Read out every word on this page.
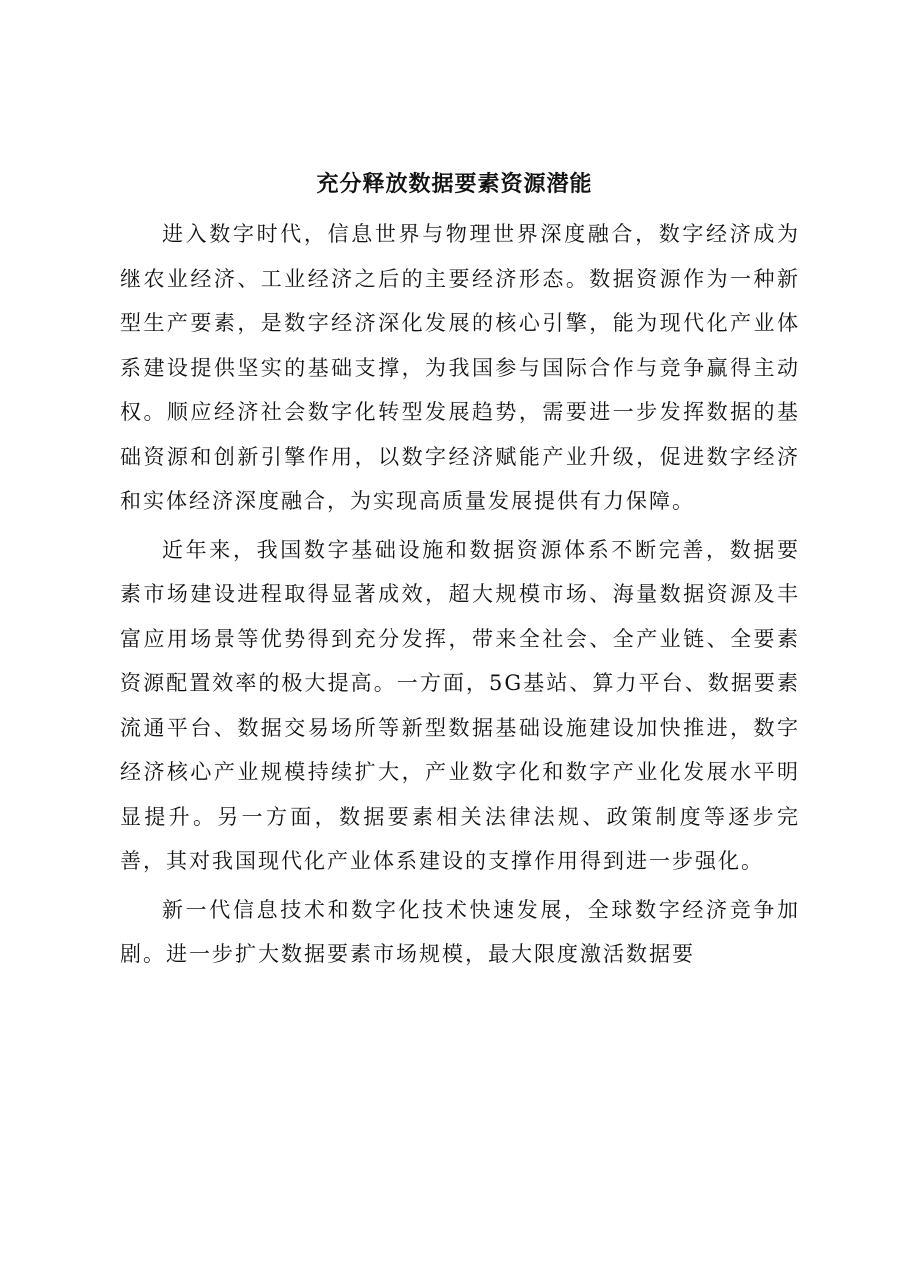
充分释放数据要素资源潜能

进入数字时代，信息世界与物理世界深度融合，数字经济成为继农业经济、工业经济之后的主要经济形态。数据资源作为一种新型生产要素，是数字经济深化发展的核心引擎，能为现代化产业体系建设提供坚实的基础支撑，为我国参与国际合作与竞争赢得主动权。顺应经济社会数字化转型发展趋势，需要进一步发挥数据的基础资源和创新引擎作用，以数字经济赋能产业升级，促进数字经济和实体经济深度融合，为实现高质量发展提供有力保障。

近年来，我国数字基础设施和数据资源体系不断完善，数据要素市场建设进程取得显著成效，超大规模市场、海量数据资源及丰富应用场景等优势得到充分发挥，带来全社会、全产业链、全要素资源配置效率的极大提高。一方面，5G基站、算力平台、数据要素流通平台、数据交易场所等新型数据基础设施建设加快推进，数字经济核心产业规模持续扩大，产业数字化和数字产业化发展水平明显提升。另一方面，数据要素相关法律法规、政策制度等逐步完善，其对我国现代化产业体系建设的支撑作用得到进一步强化。

新一代信息技术和数字化技术快速发展，全球数字经济竞争加剧。进一步扩大数据要素市场规模，最大限度激活数据要
